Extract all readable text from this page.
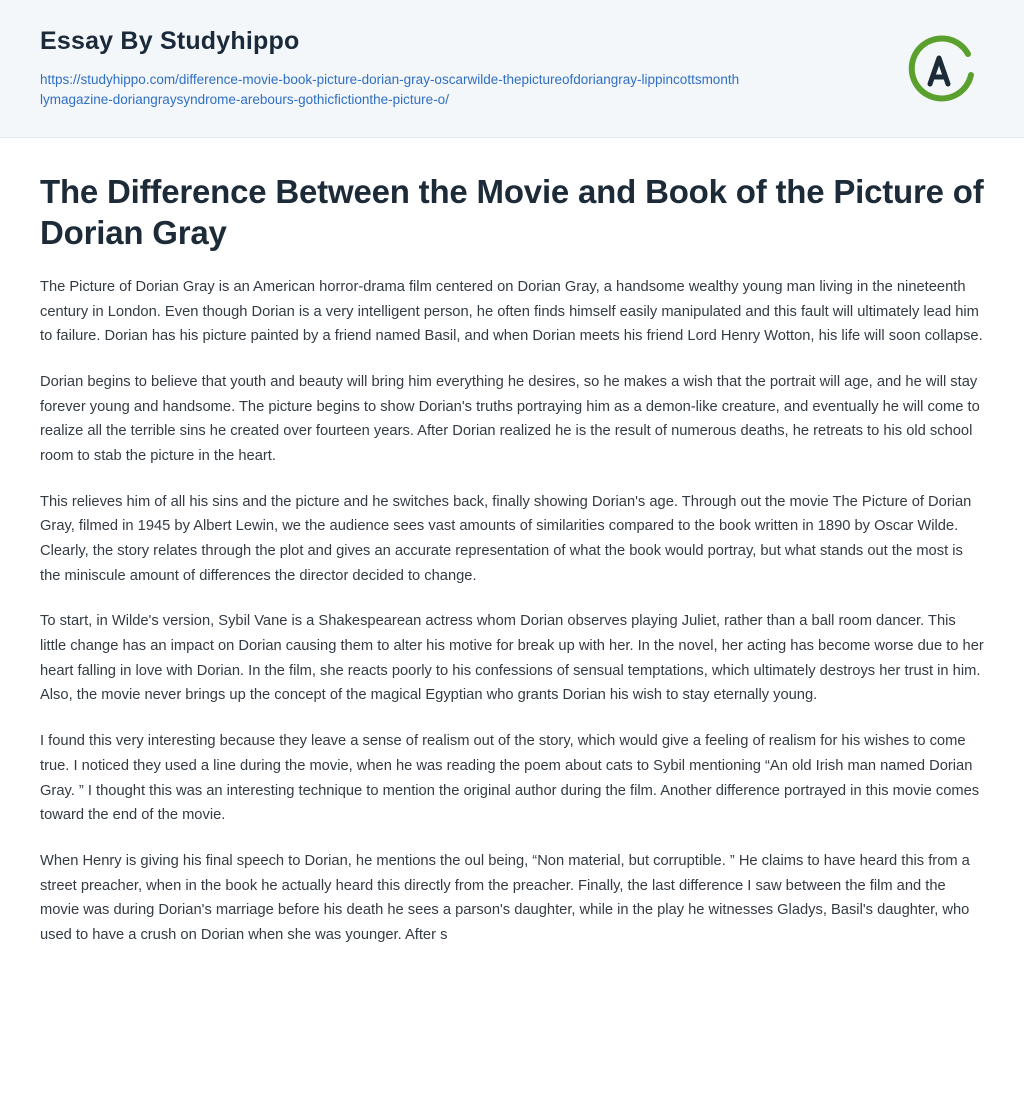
Essay By Studyhippo
https://studyhippo.com/difference-movie-book-picture-dorian-gray-oscarwilde-thepictureofdoriangray-lippincottsmonthlymagazine-doriangraysyndrome-arebours-gothicfictionthe-picture-o/
The Difference Between the Movie and Book of the Picture of Dorian Gray

The Picture of Dorian Gray is an American horror-drama film centered on Dorian Gray, a handsome wealthy young man living in the nineteenth century in London. Even though Dorian is a very intelligent person, he often finds himself easily manipulated and this fault will ultimately lead him to failure. Dorian has his picture painted by a friend named Basil, and when Dorian meets his friend Lord Henry Wotton, his life will soon collapse.

Dorian begins to believe that youth and beauty will bring him everything he desires, so he makes a wish that the portrait will age, and he will stay forever young and handsome. The picture begins to show Dorian's truths portraying him as a demon-like creature, and eventually he will come to realize all the terrible sins he created over fourteen years. After Dorian realized he is the result of numerous deaths, he retreats to his old school room to stab the picture in the heart.

This relieves him of all his sins and the picture and he switches back, finally showing Dorian's age. Through out the movie The Picture of Dorian Gray, filmed in 1945 by Albert Lewin, we the audience sees vast amounts of similarities compared to the book written in 1890 by Oscar Wilde. Clearly, the story relates through the plot and gives an accurate representation of what the book would portray, but what stands out the most is the miniscule amount of differences the director decided to change.

To start, in Wilde's version, Sybil Vane is a Shakespearean actress whom Dorian observes playing Juliet, rather than a ball room dancer. This little change has an impact on Dorian causing them to alter his motive for break up with her. In the novel, her acting has become worse due to her heart falling in love with Dorian. In the film, she reacts poorly to his confessions of sensual temptations, which ultimately destroys her trust in him. Also, the movie never brings up the concept of the magical Egyptian who grants Dorian his wish to stay eternally young.

I found this very interesting because they leave a sense of realism out of the story, which would give a feeling of realism for his wishes to come true. I noticed they used a line during the movie, when he was reading the poem about cats to Sybil mentioning “An old Irish man named Dorian Gray. ” I thought this was an interesting technique to mention the original author during the film. Another difference portrayed in this movie comes toward the end of the movie.

When Henry is giving his final speech to Dorian, he mentions the oul being, “Non material, but corruptible. ” He claims to have heard this from a street preacher, when in the book he actually heard this directly from the preacher. Finally, the last difference I saw between the film and the movie was during Dorian's marriage before his death he sees a parson's daughter, while in the play he witnesses Gladys, Basil's daughter, who used to have a crush on Dorian when she was younger. After s
